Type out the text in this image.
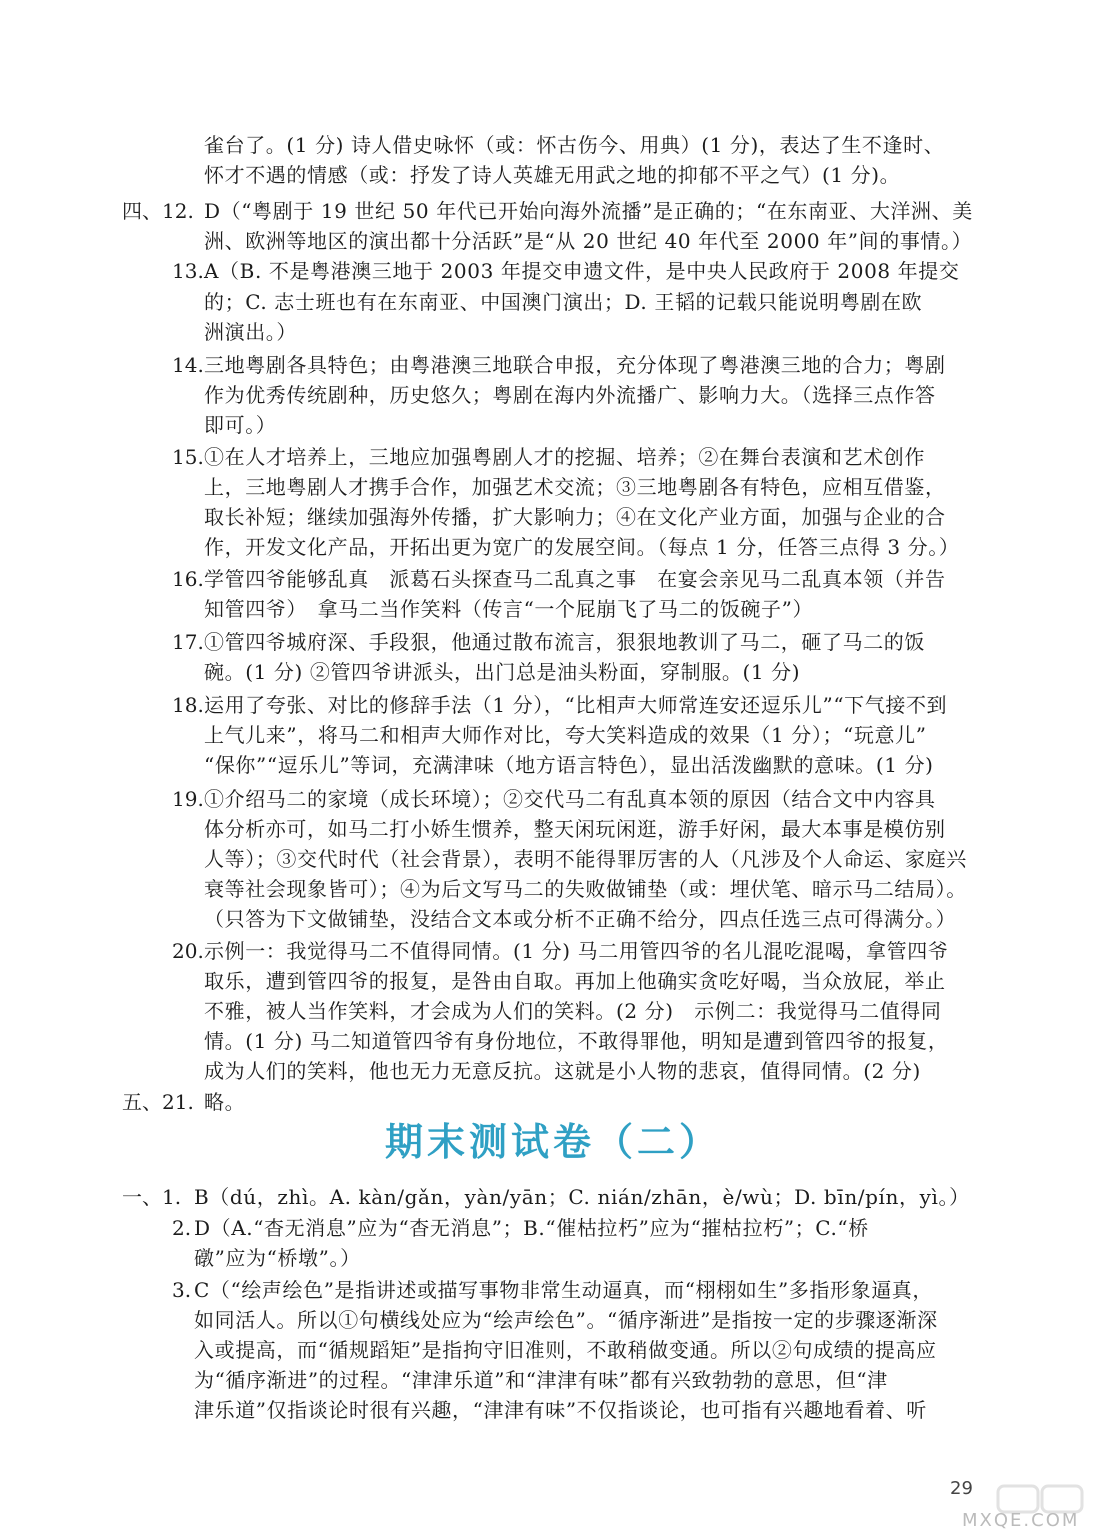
雀台了。(1 分) 诗人借史咏怀（或：怀古伤今、用典）(1 分)，表达了生不逢时、
怀才不遇的情感（或：抒发了诗人英雄无用武之地的抑郁不平之气）(1 分)。
四、12. D（“粤剧于 19 世纪 50 年代已开始向海外流播”是正确的；“在东南亚、大洋洲、美
洲、欧洲等地区的演出都十分活跃”是“从 20 世纪 40 年代至 2000 年”间的事情。）
13. A（B. 不是粤港澳三地于 2003 年提交申遗文件，是中央人民政府于 2008 年提交
的；C. 志士班也有在东南亚、中国澳门演出；D. 王韬的记载只能说明粤剧在欧
洲演出。）
14. 三地粤剧各具特色；由粤港澳三地联合申报，充分体现了粤港澳三地的合力；粤剧
作为优秀传统剧种，历史悠久；粤剧在海内外流播广、影响力大。（选择三点作答
即可。）
15. ①在人才培养上，三地应加强粤剧人才的挖掘、培养；②在舞台表演和艺术创作
上，三地粤剧人才携手合作，加强艺术交流；③三地粤剧各有特色，应相互借鉴，
取长补短；继续加强海外传播，扩大影响力；④在文化产业方面，加强与企业的合
作，开发文化产品，开拓出更为宽广的发展空间。（每点 1 分，任答三点得 3 分。）
16. 学管四爷能够乱真　派葛石头探查马二乱真之事　在宴会亲见马二乱真本领（并告
知管四爷）　拿马二当作笑料（传言“一个屁崩飞了马二的饭碗子”）
17. ①管四爷城府深、手段狠，他通过散布流言，狠狠地教训了马二，砸了马二的饭
碗。(1 分) ②管四爷讲派头，出门总是油头粉面，穿制服。(1 分)
18. 运用了夸张、对比的修辞手法（1 分），“比相声大师常连安还逗乐儿”“下气接不到
上气儿来”，将马二和相声大师作对比，夸大笑料造成的效果（1 分）；“玩意儿”
“保你”“逗乐儿”等词，充满津味（地方语言特色），显出活泼幽默的意味。(1 分)
19. ①介绍马二的家境（成长环境）；②交代马二有乱真本领的原因（结合文中内容具
体分析亦可，如马二打小娇生惯养，整天闲玩闲逛，游手好闲，最大本事是模仿别
人等）；③交代时代（社会背景），表明不能得罪厉害的人（凡涉及个人命运、家庭兴
衰等社会现象皆可）；④为后文写马二的失败做铺垫（或：埋伏笔、暗示马二结局）。
（只答为下文做铺垫，没结合文本或分析不正确不给分，四点任选三点可得满分。）
20. 示例一：我觉得马二不值得同情。(1 分) 马二用管四爷的名儿混吃混喝，拿管四爷
取乐，遭到管四爷的报复，是咎由自取。再加上他确实贪吃好喝，当众放屁，举止
不雅，被人当作笑料，才会成为人们的笑料。(2 分)　示例二：我觉得马二值得同
情。(1 分) 马二知道管四爷有身份地位，不敢得罪他，明知是遭到管四爷的报复，
成为人们的笑料，他也无力无意反抗。这就是小人物的悲哀，值得同情。(2 分)
五、21. 略。
期末测试卷（二）
一、1. B（dú，zhì。A. kàn/gǎn，yàn/yān；C. nián/zhān，è/wù；D. bīn/pín，yì。）
2. D（A.“杳无消息”应为“杳无消息”；B.“催枯拉朽”应为“摧枯拉朽”；C.“桥
礅”应为“桥墩”。）
3. C（“绘声绘色”是指讲述或描写事物非常生动逼真，而“栩栩如生”多指形象逼真，
如同活人。所以①句横线处应为“绘声绘色”。“循序渐进”是指按一定的步骤逐渐深
入或提高，而“循规蹈矩”是指拘守旧准则，不敢稍做变通。所以②句成绩的提高应
为“循序渐进”的过程。“津津乐道”和“津津有味”都有兴致勃勃的意思，但“津
津乐道”仅指谈论时很有兴趣，“津津有味”不仅指谈论，也可指有兴趣地看着、听
29
MXQE.COM
